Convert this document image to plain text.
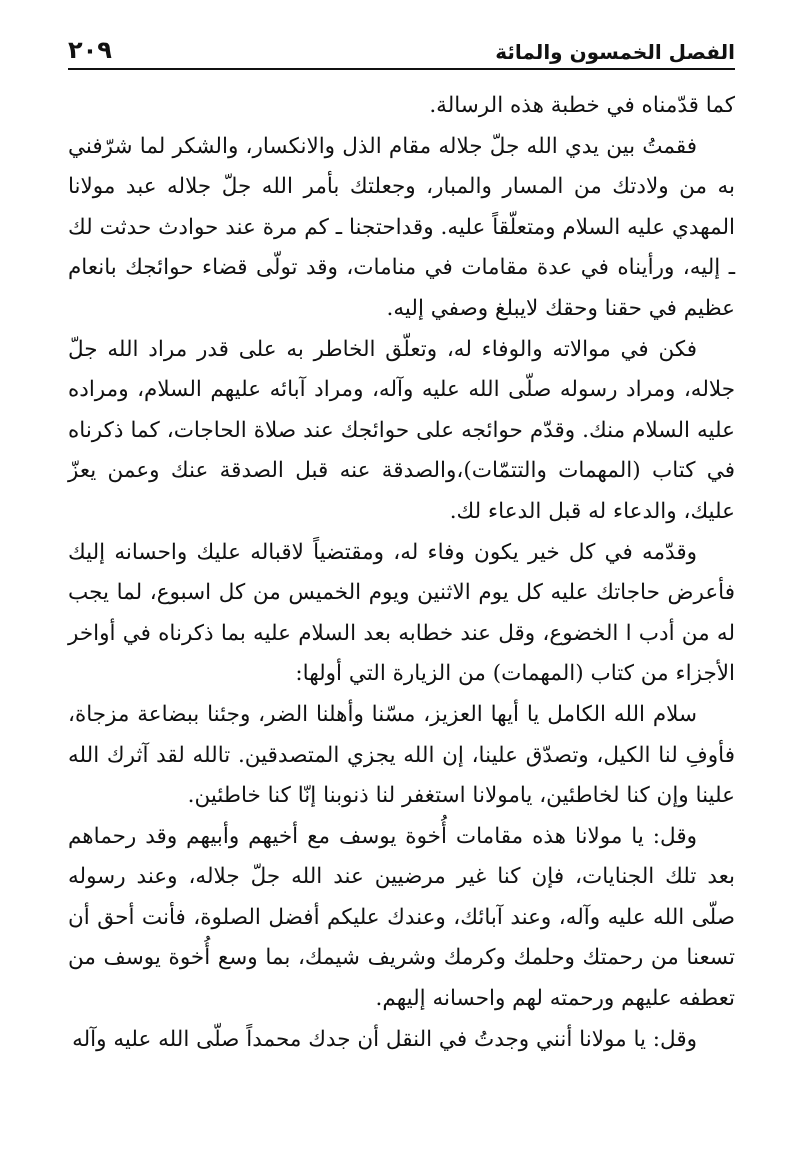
الفصل الخمسون والمائة
٢٠٩

كما قدّمناه في خطبة هذه الرسالة.

فقمتُ بين يدي الله جلّ جلاله مقام الذل والانكسار، والشكر لما شرّفني به من ولادتك من المسار والمبار، وجعلتك بأمر الله جلّ جلاله عبد مولانا المهدي عليه السلام ومتعلّقاً عليه. وقداحتجنا ـ كم مرة عند حوادث حدثت لك ـ إليه، ورأيناه في عدة مقامات في منامات، وقد تولّى قضاء حوائجك بانعام عظيم في حقنا وحقك لايبلغ وصفي إليه.

فكن في موالاته والوفاء له، وتعلّق الخاطر به على قدر مراد الله جلّ جلاله، ومراد رسوله صلّى الله عليه وآله، ومراد آبائه عليهم السلام، ومراده عليه السلام منك. وقدّم حوائجه على حوائجك عند صلاة الحاجات، كما ذكرناه في كتاب (المهمات والتتمّات)،والصدقة عنه قبل الصدقة عنك وعمن يعزّ عليك، والدعاء له قبل الدعاء لك.

وقدّمه في كل خير يكون وفاء له، ومقتضياً لاقباله عليك واحسانه إليك فأعرض حاجاتك عليه كل يوم الاثنين ويوم الخميس من كل اسبوع، لما يجب له من أدب ا الخضوع، وقل عند خطابه بعد السلام عليه بما ذكرناه في أواخر الأجزاء من كتاب (المهمات) من الزيارة التي أولها:

سلام الله الكامل يا أيها العزيز، مسّنا وأهلنا الضر، وجئنا ببضاعة مزجاة، فأوفِ لنا الكيل، وتصدّق علينا، إن الله يجزي المتصدقين. تالله لقد آثرك الله علينا وإن كنا لخاطئين، يامولانا استغفر لنا ذنوبنا إنّا كنا خاطئين.

وقل: يا مولانا هذه مقامات أُخوة يوسف مع أخيهم وأبيهم وقد رحماهم بعد تلك الجنايات، فإن كنا غير مرضيين عند الله جلّ جلاله، وعند رسوله صلّى الله عليه وآله، وعند آبائك، وعندك عليكم أفضل الصلوة، فأنت أحق أن تسعنا من رحمتك وحلمك وكرمك وشريف شيمك، بما وسع أُخوة يوسف من تعطفه عليهم ورحمته لهم واحسانه إليهم.

وقل: يا مولانا أنني وجدتُ في النقل أن جدك محمداً صلّى الله عليه وآله
